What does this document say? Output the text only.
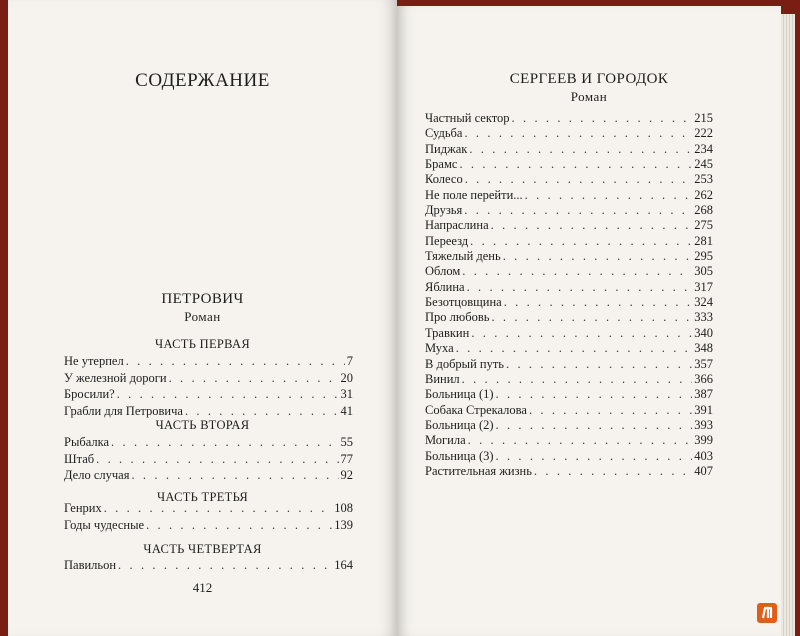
СОДЕРЖАНИЕ
ПЕТРОВИЧ
Роман
ЧАСТЬ ПЕРВАЯ
Не утерпел . . .	7
У железной дороги . . .	20
Бросили? . . .	31
Грабли для Петровича . . .	41
ЧАСТЬ ВТОРАЯ
Рыбалка . . .	55
Штаб . . .	77
Дело случая . . .	92
ЧАСТЬ ТРЕТЬЯ
Генрих . . .	108
Годы чудесные . . .	139
ЧАСТЬ ЧЕТВЕРТАЯ
Павильон . . .	164
412
СЕРГЕЕВ И ГОРОДОК
Роман
Частный сектор . . .	215
Судьба . . .	222
Пиджак . . .	234
Брамс . . .	245
Колесо . . .	253
Не поле перейти... . . .	262
Друзья . . .	268
Напраслина . . .	275
Переезд . . .	281
Тяжелый день . . .	295
Облом . . .	305
Яблина . . .	317
Безотцовщина . . .	324
Про любовь . . .	333
Травкин . . .	340
Муха . . .	348
В добрый путь . . .	357
Винил . . .	366
Больница (1) . . .	387
Собака Стрекалова . . .	391
Больница (2) . . .	393
Могила . . .	399
Больница (3) . . .	403
Растительная жизнь . . .	407
